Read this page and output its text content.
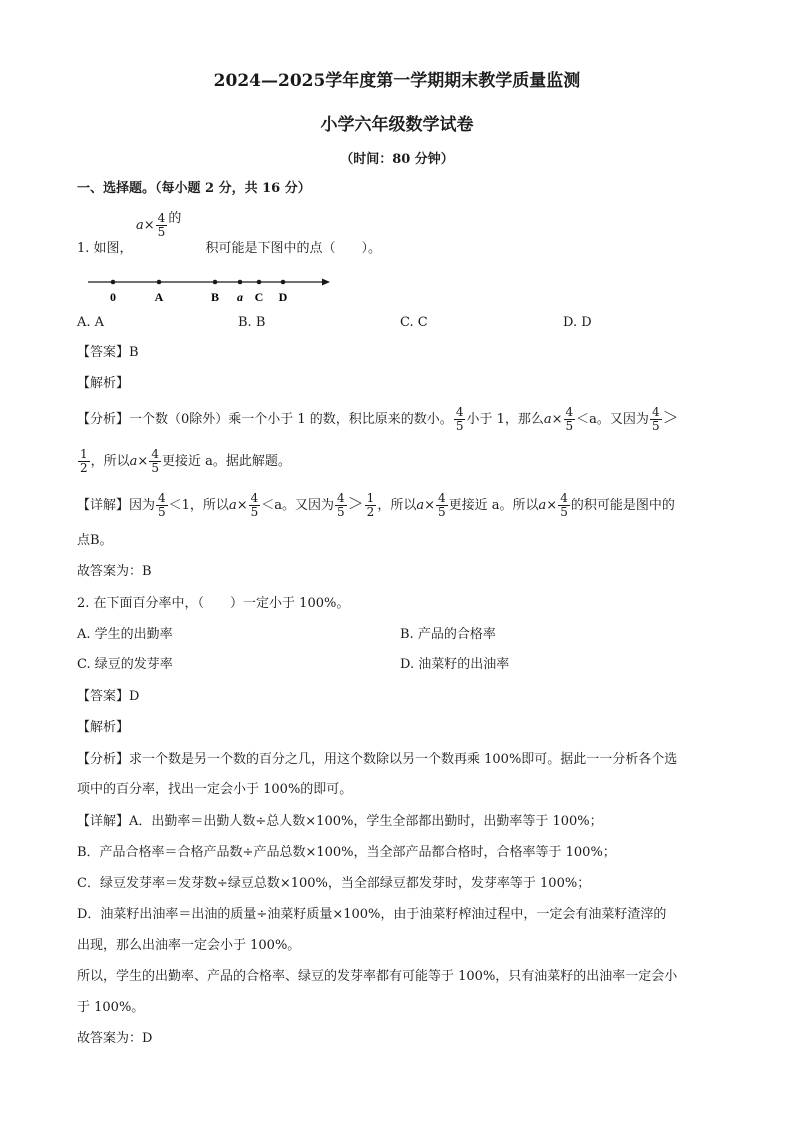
2024—2025学年度第一学期期末教学质量监测
小学六年级数学试卷
（时间：80 分钟）
一、选择题。（每小题 2 分，共 16 分）
$a\times \frac{4}{5}$ 的
1. 如图，	积可能是下图中的点（　　）。
0	A	B a C D
A. A	B. B	C. C	D. D
【答案】B
【解析】
【分析】一个数（0除外）乘一个小于 1 的数，积比原来的数小。 $\frac{4}{5}$ 小于 1，那么$a\times \frac{4}{5} <a$。又因为 $\frac{4}{5}$ ＞
$\frac{1}{2}$ ，所以$a\times \frac{4}{5}$ 更接近 a。据此解题。
【详解】因为 $\frac{4}{5} <1$，所以$a\times \frac{4}{5} <a$。又因为 $\frac{4}{5} > \frac{1}{2}$ ，所以$a\times \frac{4}{5}$ 更接近 a。所以$a\times \frac{4}{5}$ 的积可能是图中的
点B。
故答案为：B
2. 在下面百分率中，（　　）一定小于 100%。
A. 学生的出勤率	B. 产品的合格率
C. 绿豆的发芽率	D. 油菜籽的出油率
【答案】D
【解析】
【分析】求一个数是另一个数的百分之几，用这个数除以另一个数再乘 100%即可。据此一一分析各个选
项中的百分率，找出一定会小于 100%的即可。
【详解】A．出勤率＝出勤人数÷总人数×100%，学生全部都出勤时，出勤率等于 100%；
B．产品合格率＝合格产品数÷产品总数×100%，当全部产品都合格时，合格率等于 100%；
C．绿豆发芽率＝发芽数÷绿豆总数×100%，当全部绿豆都发芽时，发芽率等于 100%；
D．油菜籽出油率＝出油的质量÷油菜籽质量×100%，由于油菜籽榨油过程中，一定会有油菜籽渣滓的
出现，那么出油率一定会小于 100%。
所以，学生的出勤率、产品的合格率、绿豆的发芽率都有可能等于 100%，只有油菜籽的出油率一定会小
于 100%。
故答案为：D
